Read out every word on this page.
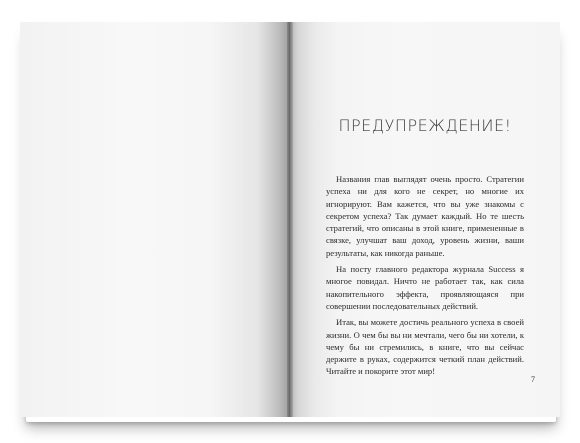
ПРЕДУПРЕЖДЕНИЕ!

Названия глав выглядят очень просто. Стратегии успеха ни для кого не секрет, но многие их игнорируют. Вам кажется, что вы уже знакомы с секретом успеха? Так думает каждый. Но те шесть стратегий, что описаны в этой книге, примененные в связке, улучшат ваш доход, уровень жизни, ваши результаты, как никогда раньше.

На посту главного редактора журнала Success я многое повидал. Ничто не работает так, как сила накопительного эффекта, проявляющаяся при совершении последовательных действий.

Итак, вы можете достичь реального успеха в своей жизни. О чем бы вы ни мечтали, чего бы ни хотели, к чему бы ни стремились, в книге, что вы сейчас держите в руках, содержится четкий план действий. Читайте и покорите этот мир!

7
